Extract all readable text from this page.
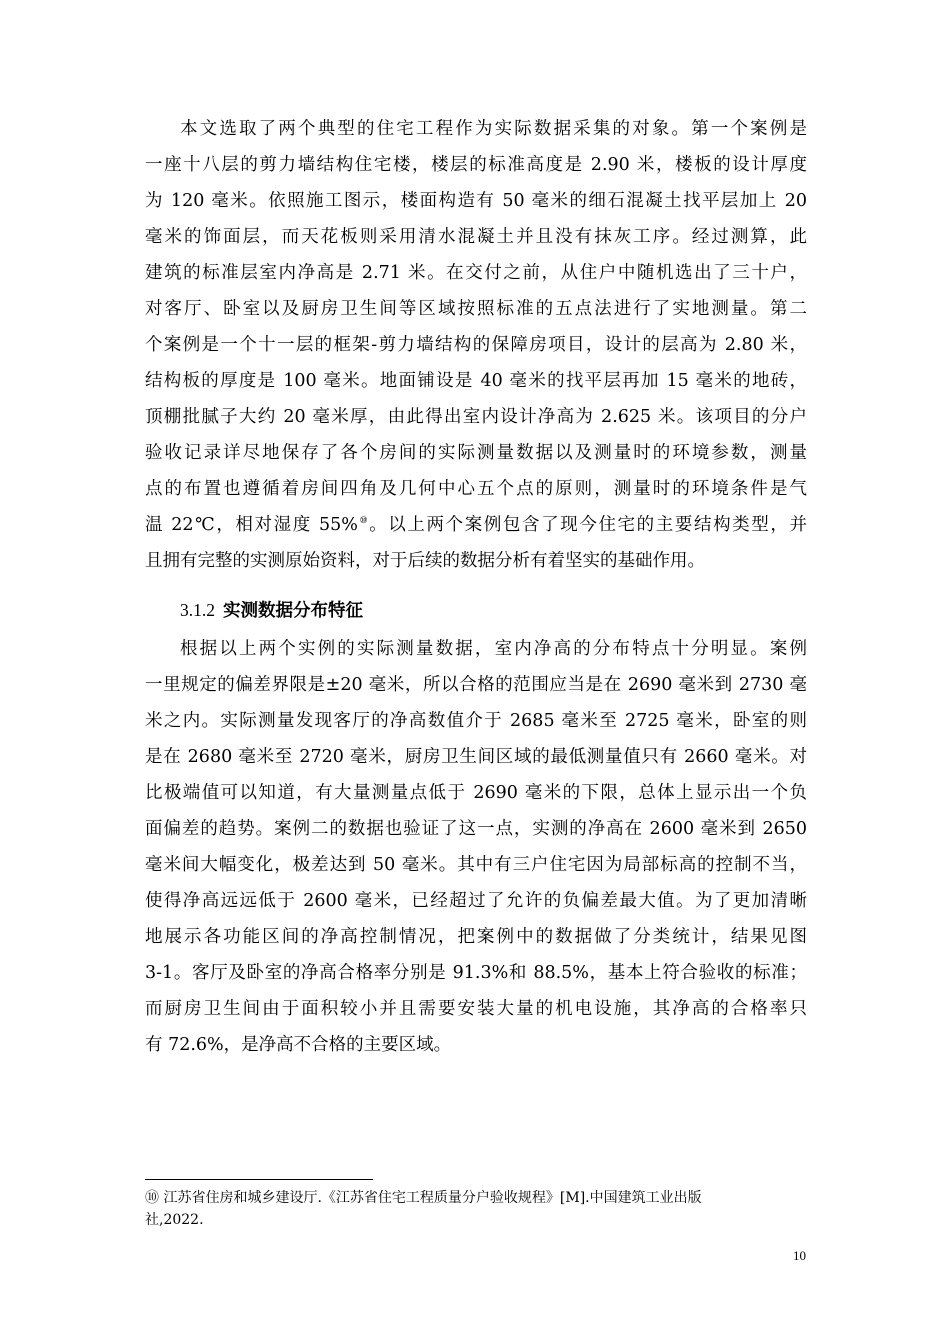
本文选取了两个典型的住宅工程作为实际数据采集的对象。第一个案例是
一座十八层的剪力墙结构住宅楼，楼层的标准高度是 2.90 米，楼板的设计厚度
为 120 毫米。依照施工图示，楼面构造有 50 毫米的细石混凝土找平层加上 20
毫米的饰面层，而天花板则采用清水混凝土并且没有抹灰工序。经过测算，此
建筑的标准层室内净高是 2.71 米。在交付之前，从住户中随机选出了三十户，
对客厅、卧室以及厨房卫生间等区域按照标准的五点法进行了实地测量。第二
个案例是一个十一层的框架-剪力墙结构的保障房项目，设计的层高为 2.80 米，
结构板的厚度是 100 毫米。地面铺设是 40 毫米的找平层再加 15 毫米的地砖，
顶棚批腻子大约 20 毫米厚，由此得出室内设计净高为 2.625 米。该项目的分户
验收记录详尽地保存了各个房间的实际测量数据以及测量时的环境参数，测量
点的布置也遵循着房间四角及几何中心五个点的原则，测量时的环境条件是气
温 22℃，相对湿度 55%⑩。以上两个案例包含了现今住宅的主要结构类型，并
且拥有完整的实测原始资料，对于后续的数据分析有着坚实的基础作用。
3.1.2 实测数据分布特征
根据以上两个实例的实际测量数据，室内净高的分布特点十分明显。案例
一里规定的偏差界限是±20 毫米，所以合格的范围应当是在 2690 毫米到 2730 毫
米之内。实际测量发现客厅的净高数值介于 2685 毫米至 2725 毫米，卧室的则
是在 2680 毫米至 2720 毫米，厨房卫生间区域的最低测量值只有 2660 毫米。对
比极端值可以知道，有大量测量点低于 2690 毫米的下限，总体上显示出一个负
面偏差的趋势。案例二的数据也验证了这一点，实测的净高在 2600 毫米到 2650
毫米间大幅变化，极差达到 50 毫米。其中有三户住宅因为局部标高的控制不当，
使得净高远远低于 2600 毫米，已经超过了允许的负偏差最大值。为了更加清晰
地展示各功能区间的净高控制情况，把案例中的数据做了分类统计，结果见图
3-1。客厅及卧室的净高合格率分别是 91.3%和 88.5%，基本上符合验收的标准；
而厨房卫生间由于面积较小并且需要安装大量的机电设施，其净高的合格率只
有 72.6%，是净高不合格的主要区域。
⑩ 江苏省住房和城乡建设厅.《江苏省住宅工程质量分户验收规程》[M].中国建筑工业出版
社,2022.
10
